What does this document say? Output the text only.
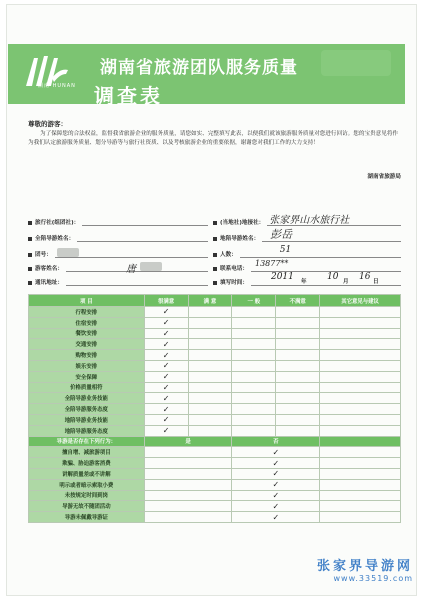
湖南 HUNAN
湖南省旅游团队服务质量
调查表
尊敬的游客：
为了保障您的合法权益，监督我省旅游企业的服务质量，请您如实、完整填写此表，以便我们就该旅游服务质量对您进行回访。您的宝贵意见将作为我们认定旅游服务质量、划分导游等与旅行社资质、以及考核旅游企业的重要依据，谢谢您对我们工作的大力支持！
湖南省旅游局
旅行社(组团社)：
全陪导游姓名：
团号：
游客姓名：	唐
通讯地址：
(当地社)地接社： 张家界山水旅行社
地陪导游姓名： 彭岳
人数：	51
联系电话：
13877**
填写时间：
2011 年 10 月 16 日
项 目	很满意	满 意	一 般	不满意	其它意见与建议
行程安排	✓				
住宿安排	✓				
餐饮安排	✓				
交通安排	✓				
购物安排	✓				
娱乐安排	✓				
安全保障	✓				
价格质量相符	✓				
全陪导游业务技能	✓				
全陪导游服务态度	✓				
地陪导游业务技能	✓				
地陪导游服务态度	✓				
导游是否存在下列行为：	是		否		
擅自增、减旅游项目			✓		
欺骗、胁迫游客消费			✓		
讲解质量差或不讲解			✓		
明示或者暗示索取小费			✓		
未按规定时间到岗			✓		
导游无故不随团活动			✓		
导游未佩戴导游证			✓		
张家界导游网
www.33519.com
